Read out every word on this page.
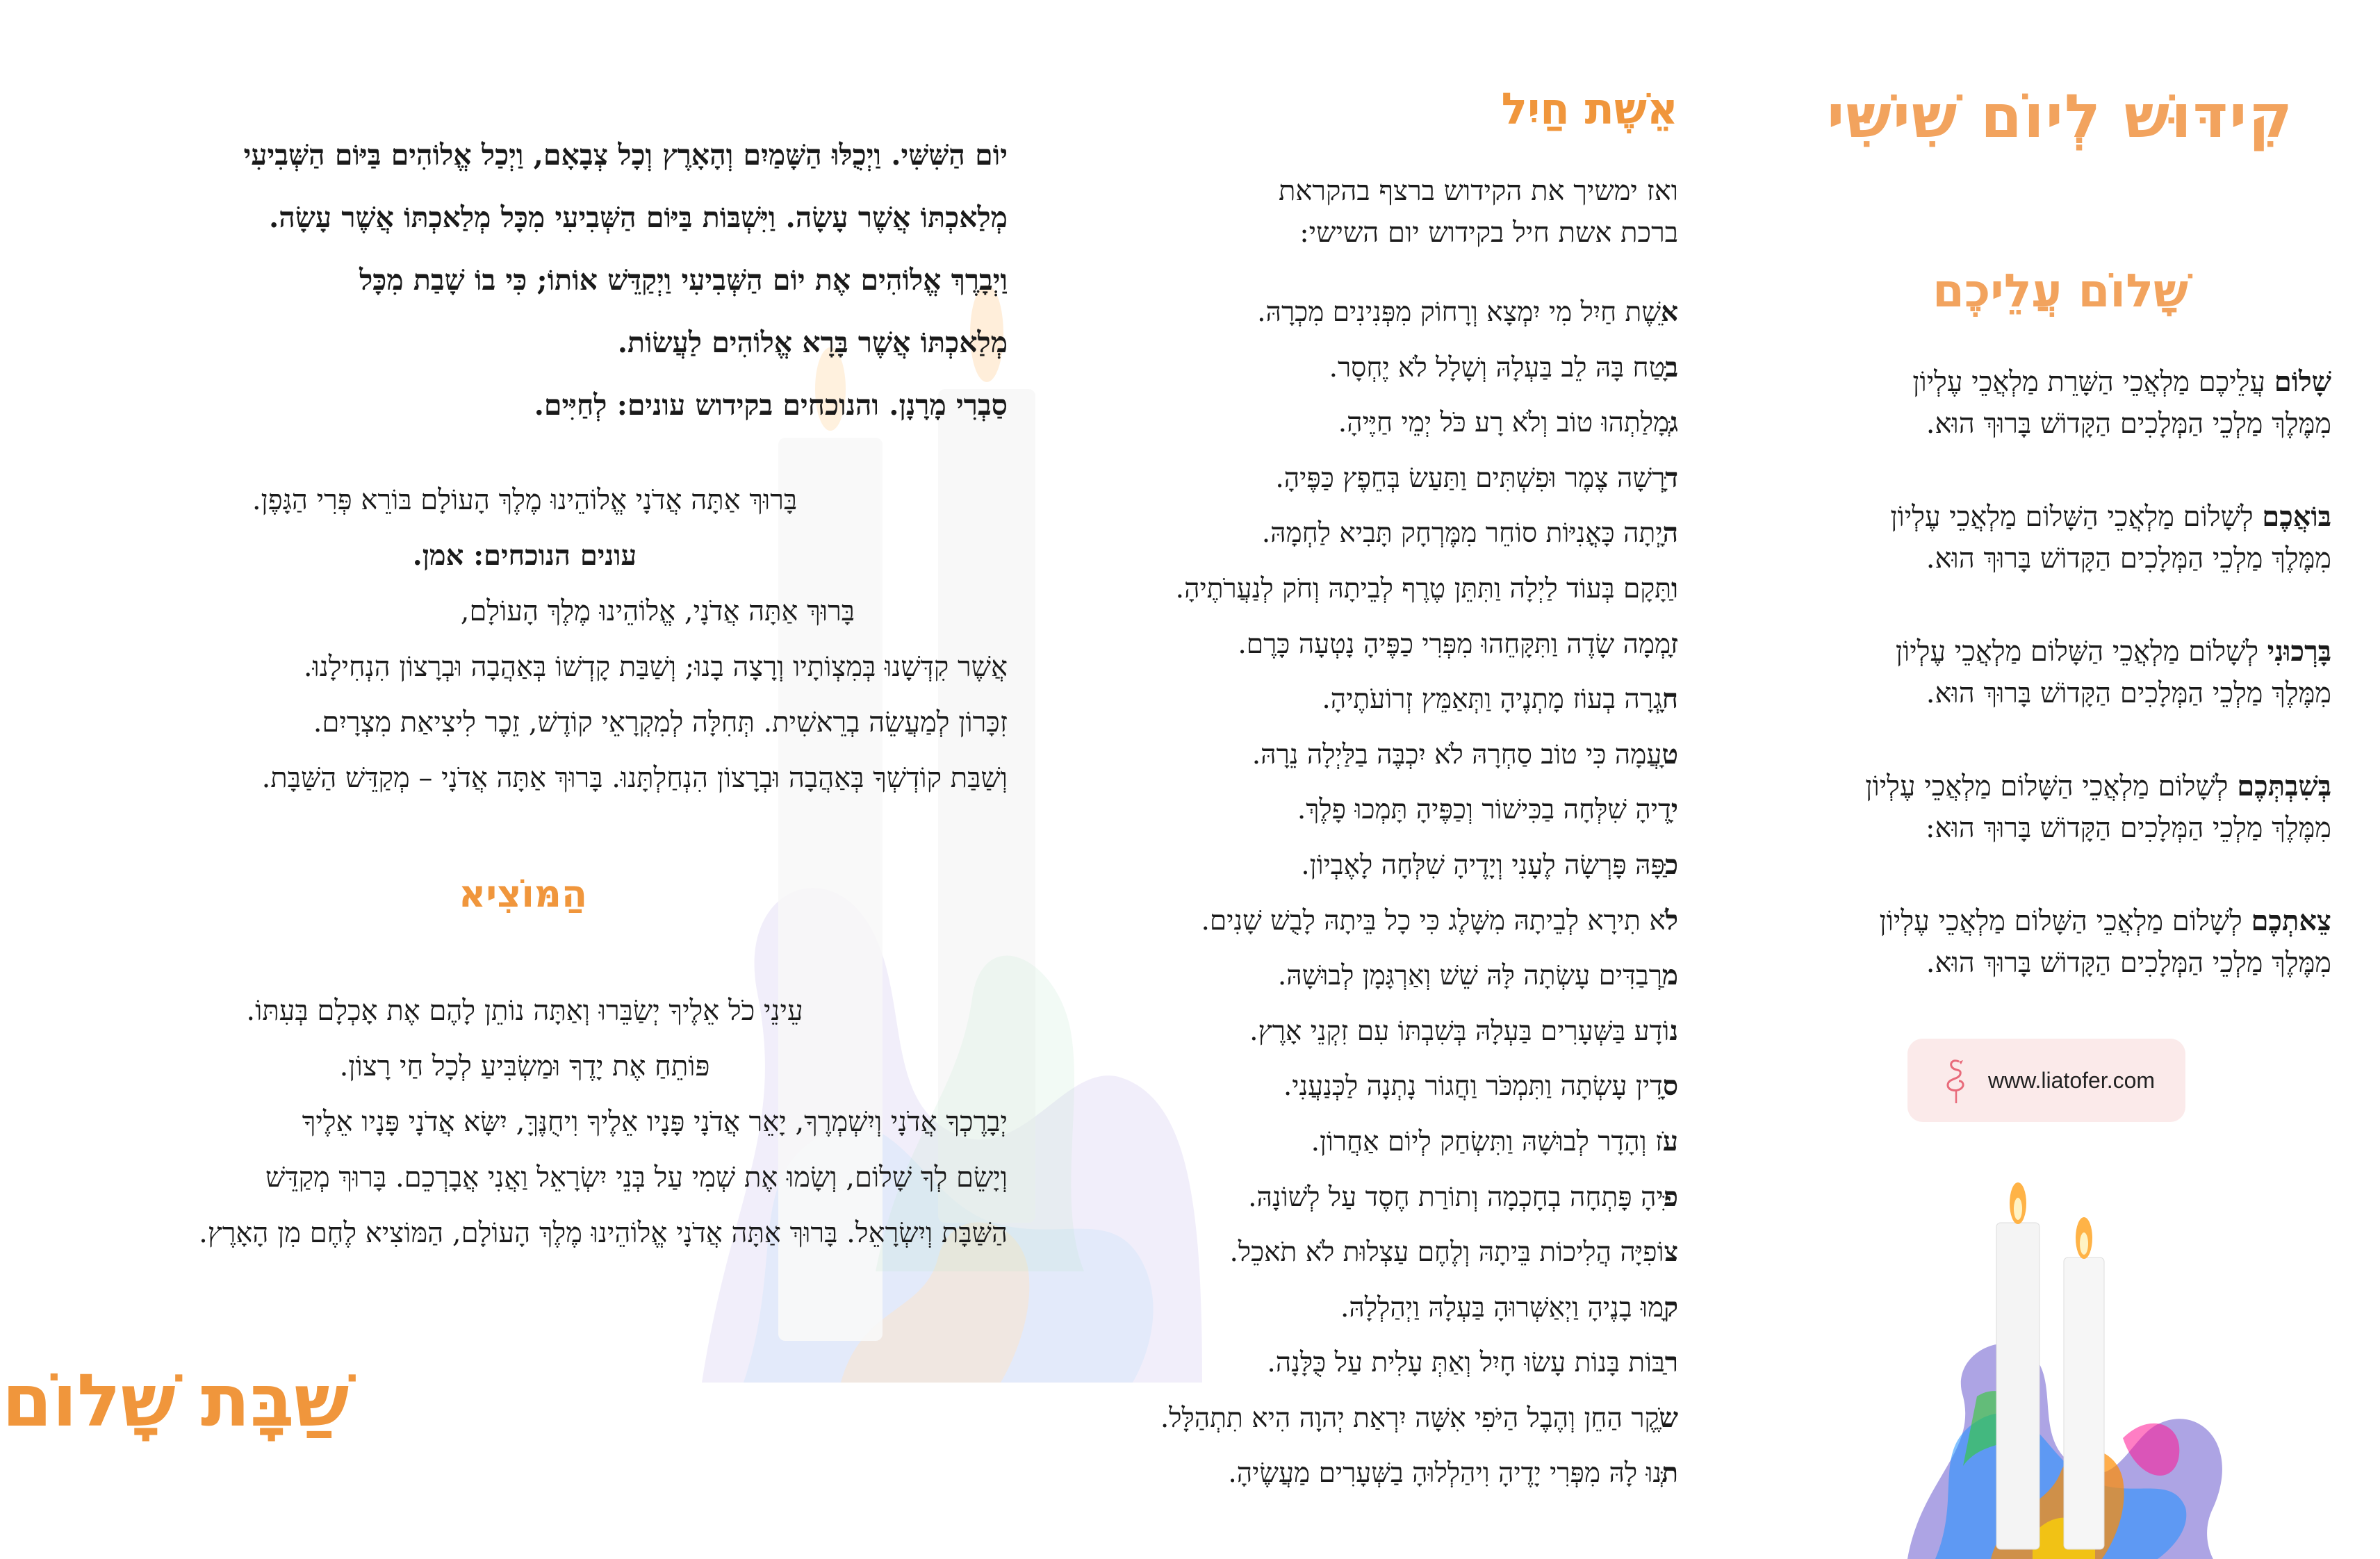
קִידּוּשׁ לְיוֹם שִׁישִּׁי
שָׁלוֹם עֲלֵיכֶם
שָׁלוֹם עֲלֵיכֶם מַלְאֲכֵי הַשָּׁרֵת מַלְאֲכֵי עֶלְיוֹן
מִמֶּלֶךְ מַלְכֵי הַמְּלָכִים הַקָּדוֹשׁ בָּרוּךְ הוּא.
בּוֹאֲכֶם לְשָׁלוֹם מַלְאֲכֵי הַשָּׁלוֹם מַלְאֲכֵי עֶלְיוֹן
מִמֶּלֶךְ מַלְכֵי הַמְּלָכִים הַקָּדוֹשׁ בָּרוּךְ הוּא.
בָּרְכוּנִי לְשָׁלוֹם מַלְאֲכֵי הַשָּׁלוֹם מַלְאֲכֵי עֶלְיוֹן
מִמֶּלֶךְ מַלְכֵי הַמְּלָכִים הַקָּדוֹשׁ בָּרוּךְ הוּא.
בְּשִׁבְתְּכֶם לְשָׁלוֹם מַלְאֲכֵי הַשָּׁלוֹם מַלְאֲכֵי עֶלְיוֹן
מִמֶּלֶךְ מַלְכֵי הַמְּלָכִים הַקָּדוֹשׁ בָּרוּךְ הוּא:
צֵאתְכֶם לְשָׁלוֹם מַלְאֲכֵי הַשָּׁלוֹם מַלְאֲכֵי עֶלְיוֹן
מִמֶּלֶךְ מַלְכֵי הַמְּלָכִים הַקָּדוֹשׁ בָּרוּךְ הוּא.
www.liatofer.com
אֵשֶׁת חַיִל
ואז ימשיך את הקידוש ברצף בהקראת
ברכת אשת חיל בקידוש יום השישי:
אֵשֶׁת חַיִל מִי יִמְצָא וְרָחוֹק מִפְּנִינִים מִכְרָהּ.
בָּטַח בָּהּ לֵב בַּעְלָהּ וְשָׁלָל לֹא יֶחְסָר.
גְּמָלַתְהוּ טוֹב וְלֹא רָע כֹּל יְמֵי חַיֶּיהָ.
דָּרְשָׁה צֶמֶר וּפִשְׁתִּים וַתַּעַשׂ בְּחֵפֶץ כַּפֶּיהָ.
הָיְתָה כָּאֳנִיּוֹת סוֹחֵר מִמֶּרְחָק תָּבִיא לַחְמָהּ.
וַתָּקָם בְּעוֹד לַיְלָה וַתִּתֵּן טֶרֶף לְבֵיתָהּ וְחֹק לְנַעֲרֹתֶיהָ.
זָמְמָה שָׂדֶה וַתִּקָּחֵהוּ מִפְּרִי כַפֶּיהָ נָטְעָה כָּרֶם.
חָגְרָה בְעוֹז מָתְנֶיהָ וַתְּאַמֵּץ זְרוֹעֹתֶיהָ.
טָעֲמָה כִּי טוֹב סַחְרָהּ לֹא יִכְבֶּה בַלַּיְלָה נֵרָהּ.
יָדֶיהָ שִׁלְּחָה בַכִּישׁוֹר וְכַפֶּיהָ תָּמְכוּ פָלֶךְ.
כַּפָּהּ פָּרְשָׂה לֶעָנִי וְיָדֶיהָ שִׁלְּחָה לָאֶבְיוֹן.
לֹא תִירָא לְבֵיתָהּ מִשָּׁלֶג כִּי כָל בֵּיתָהּ לָבֻשׁ שָׁנִים.
מַרְבַדִּים עָשְׂתָה לָּהּ שֵׁשׁ וְאַרְגָּמָן לְבוּשָׁהּ.
נוֹדָע בַּשְּׁעָרִים בַּעְלָהּ בְּשִׁבְתּוֹ עִם זִקְנֵי אָרֶץ.
סָדִין עָשְׂתָה וַתִּמְכֹּר וַחֲגוֹר נָתְנָה לַכְּנַעֲנִי.
עֹז וְהָדָר לְבוּשָׁהּ וַתִּשְׂחַק לְיוֹם אַחֲרוֹן.
פִּיהָ פָּתְחָה בְחָכְמָה וְתוֹרַת חֶסֶד עַל לְשׁוֹנָהּ.
צוֹפִיָּה הֲלִיכוֹת בֵּיתָהּ וְלֶחֶם עַצְלוּת לֹא תֹאכֵל.
קָמוּ בָנֶיהָ וַיְאַשְּׁרוּהָ בַּעְלָהּ וַיְהַלְלָהּ.
רַבּוֹת בָּנוֹת עָשׂוּ חָיִל וְאַתְּ עָלִית עַל כֻּלָּנָה.
שֶׁקֶר הַחֵן וְהֶבֶל הַיֹּפִי אִשָּׁה יִרְאַת יְהוָה הִיא תִתְהַלָּל.
תְּנוּ לָהּ מִפְּרִי יָדֶיהָ וִיהַלְלוּהָ בַשְּׁעָרִים מַעֲשֶׂיהָ.
יוֹם הַשִּׁשִּׁי. וַיְכֻלּוּ הַשָּׁמַיִם וְהָאָרֶץ וְכָל צְבָאָם, וַיְכַל אֱלוֹהִים בַּיּוֹם הַשְּׁבִיעִי
מְלַאכְתּוֹ אֲשֶׁר עָשָׂה. וַיִּשְׁבּוֹת בַּיּוֹם הַשְּׁבִיעִי מִכָּל מְלַאכְתּוֹ אֲשֶׁר עָשָׂה.
וַיְבָרֶךְ אֱלוֹהִים אֶת יוֹם הַשְּׁבִיעִי וַיְקַדֵּשׁ אוֹתוֹ; כִּי בוֹ שָׁבַת מִכָּל
מְלַאכְתּוֹ אֲשֶׁר בָּרָא אֱלוֹהִים לַעֲשׂוֹת.
סַבְרִי מָרָנָן. והנוכחים בקידוש עונים: לְחַיִּים.
בָּרוּךְ אַתָּה אֲדֹנָי אֱלוֹהֵינוּ מֶלֶךְ הָעוֹלָם בּוֹרֵא פְּרִי הַגָּפֶן.
עונים הנוכחים: אמן.
בָּרוּךְ אַתָּה אֲדֹנָי, אֱלוֹהֵינוּ מֶלֶךְ הָעוֹלָם,
אֲשֶׁר קִדְּשָׁנוּ בְּמִצְוֹתָיו וְרָצָה בָנוּ; וְשַׁבַּת קָדְשׁוֹ בְּאַהֲבָה וּבְרָצוֹן הִנְחִילָנוּ.
זִכָּרוֹן לְמַעֲשֵׂה בְרֵאשִׁית. תְּחִלָּה לְמִקְרָאֵי קוֹדֶשׁ, זֵכֶר לִיצִיאַת מִצְרָיִם.
וְשַׁבַּת קוֹדְשְׁךָ בְּאַהֲבָה וּבְרָצוֹן הִנְחַלְתָּנוּ. בָּרוּךְ אַתָּה אֲדֹנָי – מְקַדֵּשׁ הַשַּׁבָּת.
הַמּוֹצִיא
עֵינֵי כֹל אֵלֶיךָ יְשַׂבֵּרוּ וְאַתָּה נוֹתֵן לָהֶם אֶת אָכְלָם בְּעִתּוֹ.
פּוֹתֵחַ אֶת יָדֶךָ וּמַשְׂבִּיעַ לְכָל חַי רָצוֹן.
יְבָרֶכְךָ אֲדֹנָי וְיִשְׁמְרֶךָ, יָאֵר אֲדֹנָי פָּנָיו אֵלֶיךָ וִיחֻנֶּךָּ, יִשָּׂא אֲדֹנָי פָּנָיו אֵלֶיךָ
וְיָשֵׂם לְךָ שָׁלוֹם, וְשָׂמוּ אֶת שְׁמִי עַל בְּנֵי יִשְׂרָאֵל וַאֲנִי אֲבָרְכֵם. בָּרוּךְ מְקַדֵּשׁ
הַשַּׁבָּת וְיִשְׂרָאֵל. בָּרוּךְ אַתָּה אֲדֹנָי אֱלוֹהֵינוּ מֶלֶךְ הָעוֹלָם, הַמּוֹצִיא לֶחֶם מִן הָאָרֶץ.
שַׁבָּת שָׁלוֹם
